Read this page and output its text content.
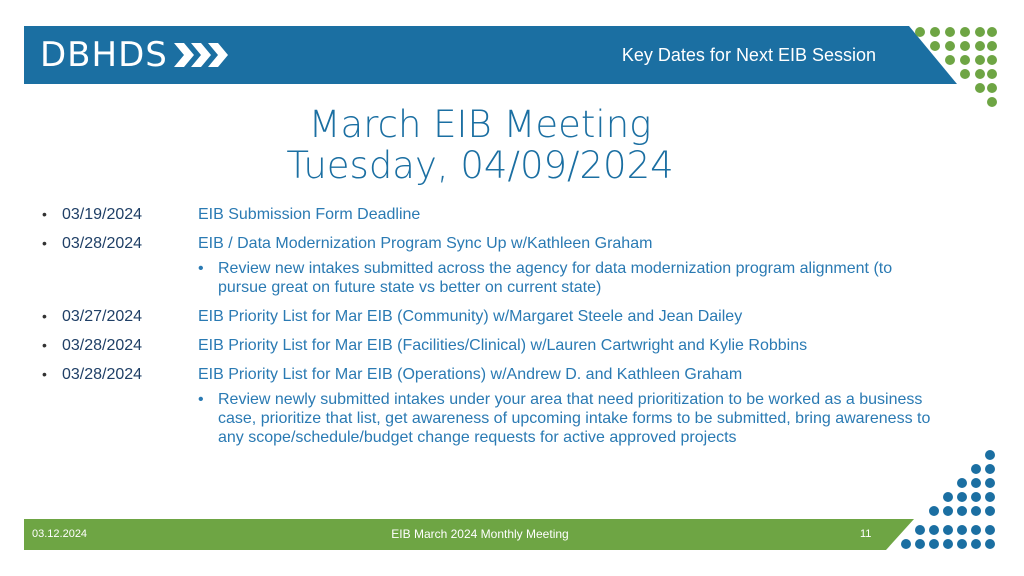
DBHDS	Key Dates for Next EIB Session
March EIB Meeting
Tuesday, 04/09/2024
• 03/19/2024	EIB Submission Form Deadline
• 03/28/2024	EIB / Data Modernization Program Sync Up w/Kathleen Graham
• Review new intakes submitted across the agency for data modernization program alignment (to pursue great on future state vs better on current state)
• 03/27/2024	EIB Priority List for Mar EIB (Community) w/Margaret Steele and Jean Dailey
• 03/28/2024	EIB Priority List for Mar EIB (Facilities/Clinical) w/Lauren Cartwright and Kylie Robbins
• 03/28/2024	EIB Priority List for Mar EIB (Operations) w/Andrew D. and Kathleen Graham
• Review newly submitted intakes under your area that need prioritization to be worked as a business case, prioritize that list, get awareness of upcoming intake forms to be submitted, bring awareness to any scope/schedule/budget change requests for active approved projects
03.12.2024	EIB March 2024 Monthly Meeting	11
